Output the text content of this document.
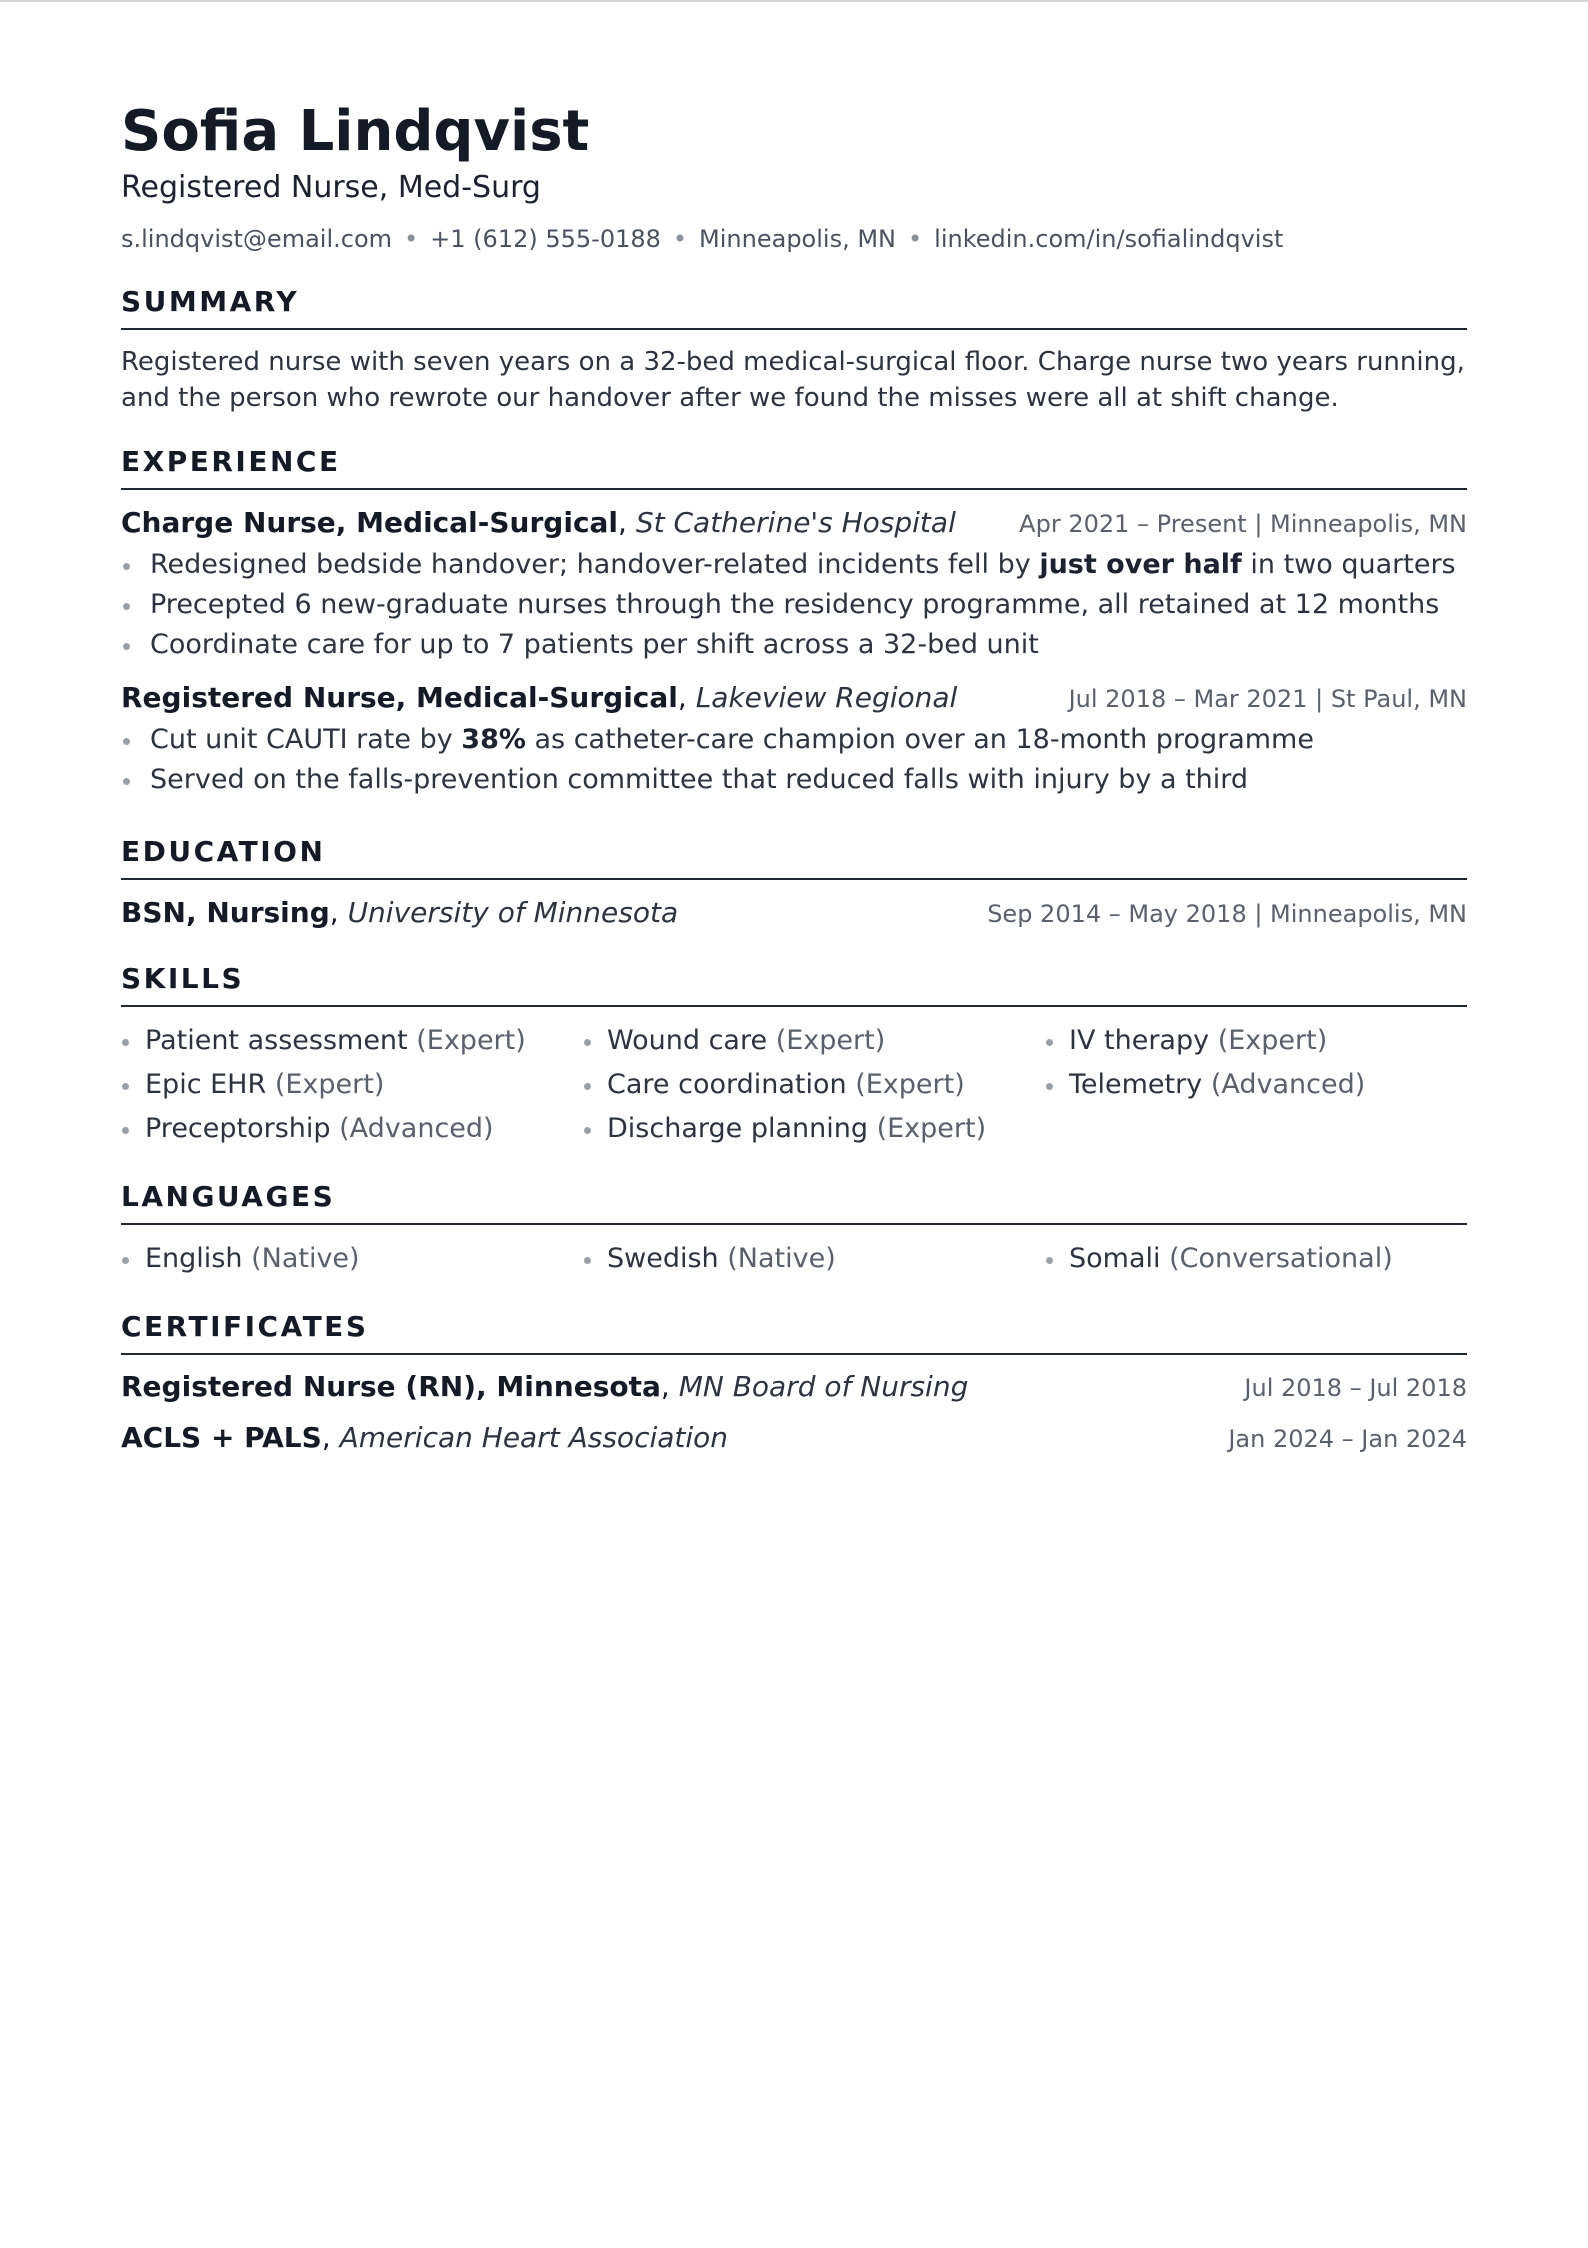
Sofia Lindqvist
Registered Nurse, Med-Surg
s.lindqvist@email.com • +1 (612) 555-0188 • Minneapolis, MN • linkedin.com/in/sofialindqvist
SUMMARY
Registered nurse with seven years on a 32-bed medical-surgical floor. Charge nurse two years running, and the person who rewrote our handover after we found the misses were all at shift change.
EXPERIENCE
Charge Nurse, Medical-Surgical, St Catherine's Hospital	Apr 2021 – Present | Minneapolis, MN
Redesigned bedside handover; handover-related incidents fell by just over half in two quarters
Precepted 6 new-graduate nurses through the residency programme, all retained at 12 months
Coordinate care for up to 7 patients per shift across a 32-bed unit
Registered Nurse, Medical-Surgical, Lakeview Regional	Jul 2018 – Mar 2021 | St Paul, MN
Cut unit CAUTI rate by 38% as catheter-care champion over an 18-month programme
Served on the falls-prevention committee that reduced falls with injury by a third
EDUCATION
BSN, Nursing, University of Minnesota	Sep 2014 – May 2018 | Minneapolis, MN
SKILLS
Patient assessment (Expert)	Wound care (Expert)	IV therapy (Expert)
Epic EHR (Expert)	Care coordination (Expert)	Telemetry (Advanced)
Preceptorship (Advanced)	Discharge planning (Expert)
LANGUAGES
English (Native)	Swedish (Native)	Somali (Conversational)
CERTIFICATES
Registered Nurse (RN), Minnesota, MN Board of Nursing	Jul 2018 – Jul 2018
ACLS + PALS, American Heart Association	Jan 2024 – Jan 2024
